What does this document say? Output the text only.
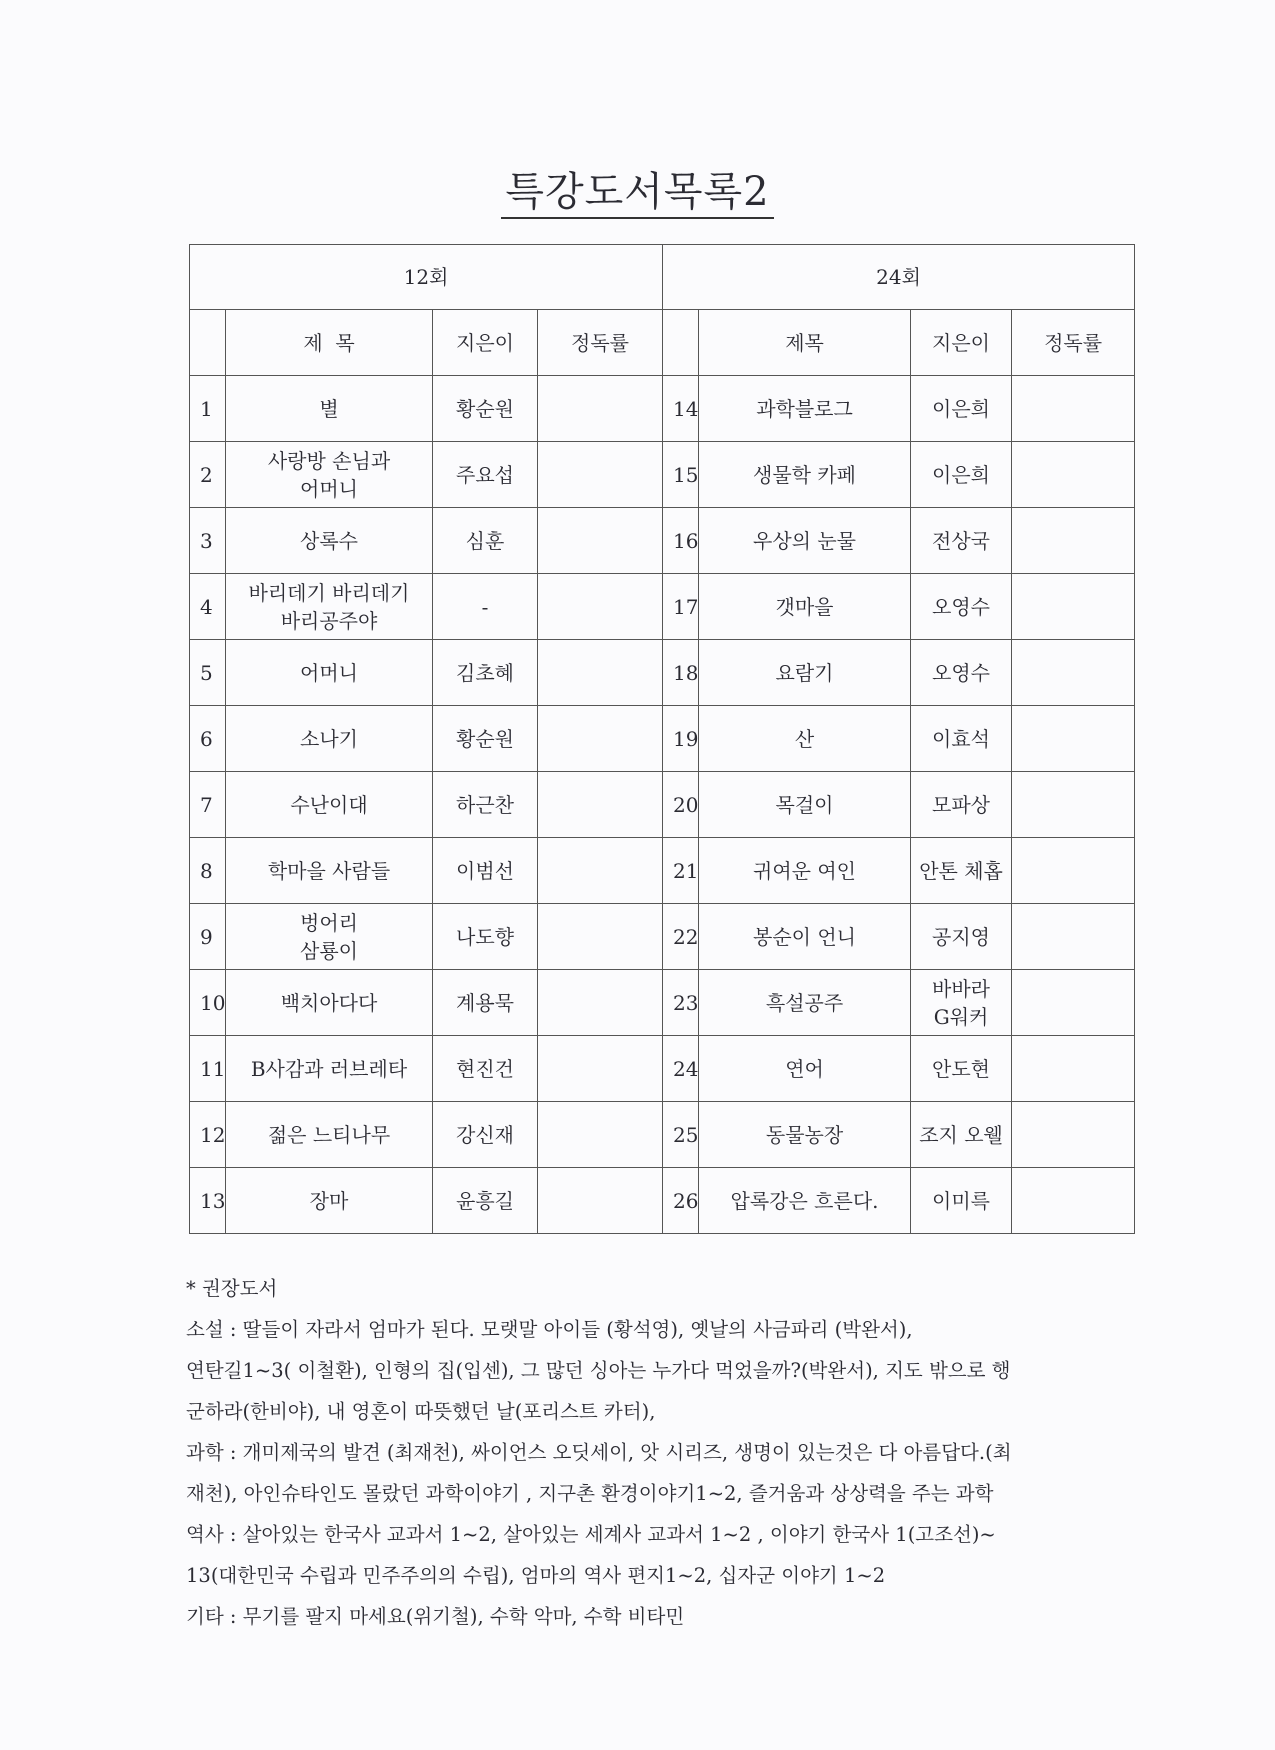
특강도서목록2
12회				24회			
	제  목	지은이	정독률		제목	지은이	정독률
1	별	황순원		14	과학블로그	이은희	
2	사랑방 손님과
어머니	주요섭		15	생물학 카페	이은희	
3	상록수	심훈		16	우상의 눈물	전상국	
4	바리데기 바리데기
바리공주야	-		17	갯마을	오영수	
5	어머니	김초혜		18	요람기	오영수	
6	소나기	황순원		19	산	이효석	
7	수난이대	하근찬		20	목걸이	모파상	
8	학마을 사람들	이범선		21	귀여운 여인	안톤 체홉	
9	벙어리
삼룡이	나도향		22	봉순이 언니	공지영	
10	백치아다다	계용묵		23	흑설공주	바바라
G워커	
11	B사감과 러브레타	현진건		24	연어	안도현	
12	젊은 느티나무	강신재		25	동물농장	조지 오웰	
13	장마	윤흥길		26	압록강은 흐른다.	이미륵	

* 권장도서

소설 : 딸들이 자라서 엄마가 된다. 모랫말 아이들 (황석영), 옛날의 사금파리 (박완서),

연탄길1~3( 이철환), 인형의 집(입센), 그 많던 싱아는 누가다 먹었을까?(박완서), 지도 밖으로 행

군하라(한비야), 내 영혼이 따뜻했던 날(포리스트 카터),

과학 : 개미제국의 발견 (최재천), 싸이언스 오딧세이, 앗 시리즈, 생명이 있는것은 다 아름답다.(최

재천), 아인슈타인도 몰랐던 과학이야기 , 지구촌 환경이야기1~2, 즐거움과 상상력을 주는 과학

역사 : 살아있는 한국사 교과서 1~2, 살아있는 세계사 교과서 1~2 , 이야기 한국사 1(고조선)~

13(대한민국 수립과 민주주의의 수립), 엄마의 역사 편지1~2, 십자군 이야기 1~2

기타 : 무기를 팔지 마세요(위기철), 수학 악마, 수학 비타민
